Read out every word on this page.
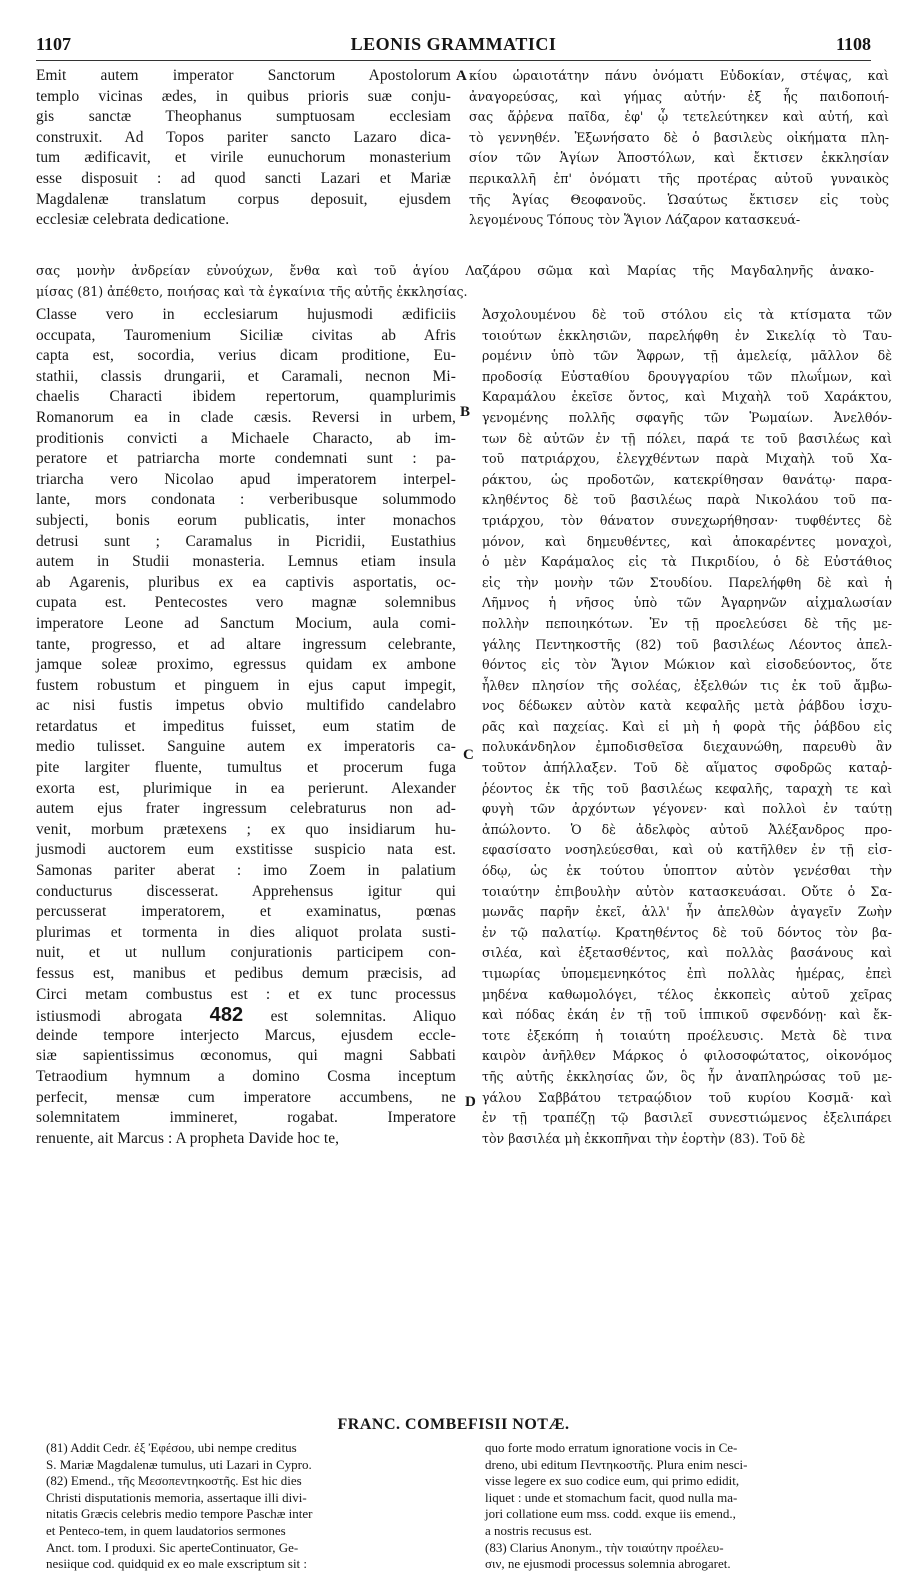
1107	LEONIS GRAMMATICI	1108
Emit autem imperator Sanctorum Apostolorum
templo vicinas ædes, in quibus prioris suæ conju-
gis sanctæ Theophanus sumptuosam ecclesiam
construxit. Ad Topos pariter sancto Lazaro dica-
tum ædificavit, et virile eunuchorum monasterium
esse disposuit : ad quod sancti Lazari et Mariæ
Magdalenæ translatum corpus deposuit, ejusdem
ecclesiæ celebrata dedicatione.
κίου ὡραιοτάτην πάνυ ὀνόματι Εὐδοκίαν, στέψας, καὶ
ἀναγορεύσας, καὶ γήμας αὐτήν· ἐξ ἧς παιδοποιή-
σας ἄῤῥενα παῖδα, ἐφ' ᾧ τετελεύτηκεν καὶ αὐτή, καὶ
τὸ γεννηθέν. Ἐξωνήσατο δὲ ὁ βασιλεὺς οἰκήματα πλη-
σίον τῶν Ἁγίων Ἀποστόλων, καὶ ἔκτισεν ἐκκλησίαν
περικαλλῆ ἐπ' ὀνόματι τῆς προτέρας αὐτοῦ γυναικὸς
τῆς Ἁγίας Θεοφανοῦς. Ὡσαύτως ἔκτισεν εἰς τοὺς
λεγομένους Τόπους τὸν Ἅγιον Λάζαρον κατασκευά-
σας μονὴν ἀνδρείαν εὐνούχων, ἔνθα καὶ τοῦ ἁγίου Λαζάρου σῶμα καὶ Μαρίας τῆς Μαγδαληνῆς ἀνακο-
μίσας (81) ἀπέθετο, ποιήσας καὶ τὰ ἐγκαίνια τῆς αὐτῆς ἐκκλησίας.
Classe vero in ecclesiarum hujusmodi ædificiis
occupata, Tauromenium Siciliæ civitas ab Afris
capta est, socordia, verius dicam proditione, Eu-
stathii, classis drungarii, et Caramali, necnon Mi-
chaelis Characti ibidem repertorum, quamplurimis
Romanorum ea in clade cæsis. Reversi in urbem,
proditionis convicti a Michaele Characto, ab im-
peratore et patriarcha morte condemnati sunt : pa-
triarcha vero Nicolao apud imperatorem interpel-
lante, mors condonata : verberibusque solummodo
subjecti, bonis eorum publicatis, inter monachos
detrusi sunt ; Caramalus in Picridii, Eustathius
autem in Studii monasteria. Lemnus etiam insula
ab Agarenis, pluribus ex ea captivis asportatis, oc-
cupata est. Pentecostes vero magnæ solemnibus
imperatore Leone ad Sanctum Mocium, aula comi-
tante, progresso, et ad altare ingressum celebrante,
jamque soleæ proximo, egressus quidam ex ambone
fustem robustum et pinguem in ejus caput impegit,
ac nisi fustis impetus obvio multifido candelabro
retardatus et impeditus fuisset, eum statim de
medio tulisset. Sanguine autem ex imperatoris ca-
pite largiter fluente, tumultus et procerum fuga
exorta est, plurimique in ea perierunt. Alexander
autem ejus frater ingressum celebraturus non ad-
venit, morbum prætexens ; ex quo insidiarum hu-
jusmodi auctorem eum exstitisse suspicio nata est.
Samonas pariter aberat : imo Zoem in palatium
conducturus discesserat. Apprehensus igitur qui
percusserat imperatorem, et examinatus, pœnas
plurimas et tormenta in dies aliquot prolata susti-
nuit, et ut nullum conjurationis participem con-
fessus est, manibus et pedibus demum præcisis, ad
Circi metam combustus est : et ex tunc processus
istiusmodi abrogata 482 est solemnitas. Aliquo
deinde tempore interjecto Marcus, ejusdem eccle-
siæ sapientissimus œconomus, qui magni Sabbati
Tetraodium hymnum a domino Cosma inceptum
perfecit, mensæ cum imperatore accumbens, ne
solemnitatem immineret, rogabat. Imperatore
renuente, ait Marcus : A propheta Davide hoc te,
Ἀσχολουμένου δὲ τοῦ στόλου εἰς τὰ κτίσματα τῶν
τοιούτων ἐκκλησιῶν, παρελήφθη ἐν Σικελίᾳ τὸ Ταυ-
ρομένιν ὑπὸ τῶν Ἄφρων, τῇ ἀμελείᾳ, μᾶλλον δὲ
προδοσίᾳ Εὐσταθίου δρουγγαρίου τῶν πλωΐμων, καὶ
Καραμάλου ἐκεῖσε ὄντος, καὶ Μιχαὴλ τοῦ Χαράκτου,
γενομένης πολλῆς σφαγῆς τῶν Ῥωμαίων. Ἀνελθόν-
των δὲ αὐτῶν ἐν τῇ πόλει, παρά τε τοῦ βασιλέως καὶ
τοῦ πατριάρχου, ἐλεγχθέντων παρὰ Μιχαὴλ τοῦ Χα-
ράκτου, ὡς προδοτῶν, κατεκρίθησαν θανάτῳ· παρα-
κληθέντος δὲ τοῦ βασιλέως παρὰ Νικολάου τοῦ πα-
τριάρχου, τὸν θάνατον συνεχωρήθησαν· τυφθέντες δὲ
μόνον, καὶ δημευθέντες, καὶ ἀποκαρέντες μοναχοὶ,
ὁ μὲν Καράμαλος εἰς τὰ Πικριδίου, ὁ δὲ Εὐστάθιος
εἰς τὴν μονὴν τῶν Στουδίου. Παρελήφθη δὲ καὶ ἡ
Λῆμνος ἡ νῆσος ὑπὸ τῶν Ἀγαρηνῶν αἰχμαλωσίαν
πολλὴν πεποιηκότων. Ἐν τῇ προελεύσει δὲ τῆς με-
γάλης Πεντηκοστῆς (82) τοῦ βασιλέως Λέοντος ἀπελ-
θόντος εἰς τὸν Ἅγιον Μώκιον καὶ εἰσοδεύοντος, ὅτε
ἦλθεν πλησίον τῆς σολέας, ἐξελθών τις ἐκ τοῦ ἄμβω-
νος δέδωκεν αὐτὸν κατὰ κεφαλῆς μετὰ ῥάβδου ἰσχυ-
ρᾶς καὶ παχείας. Καὶ εἰ μὴ ἡ φορὰ τῆς ῥάβδου εἰς
πολυκάνδηλον ἐμποδισθεῖσα διεχαυνώθη, παρευθὺ ἂν
τοῦτον ἀπήλλαξεν. Τοῦ δὲ αἵματος σφοδρῶς καταῤ-
ῥέοντος ἐκ τῆς τοῦ βασιλέως κεφαλῆς, ταραχὴ τε καὶ
φυγὴ τῶν ἀρχόντων γέγονεν· καὶ πολλοὶ ἐν ταύτῃ
ἀπώλοντο. Ὁ δὲ ἀδελφὸς αὐτοῦ Ἀλέξανδρος προ-
εφασίσατο νοσηλεύεσθαι, καὶ οὐ κατῆλθεν ἐν τῇ εἰσ-
όδῳ, ὡς ἐκ τούτου ὑποπτον αὐτὸν γενέσθαι τὴν
τοιαύτην ἐπιβουλὴν αὐτὸν κατασκευάσαι. Οὔτε ὁ Σα-
μωνᾶς παρῆν ἐκεῖ, ἀλλ' ἦν ἀπελθὼν ἀγαγεῖν Ζωὴν
ἐν τῷ παλατίῳ. Κρατηθέντος δὲ τοῦ δόντος τὸν βα-
σιλέα, καὶ ἐξετασθέντος, καὶ πολλὰς βασάνους καὶ
τιμωρίας ὑπομεμενηκότος ἐπὶ πολλὰς ἡμέρας, ἐπεὶ
μηδένα καθωμολόγει, τέλος ἐκκοπεὶς αὐτοῦ χεῖρας
καὶ πόδας ἐκάη ἐν τῇ τοῦ ἱππικοῦ σφενδόνῃ· καὶ ἔκ-
τοτε ἐξεκόπη ἡ τοιαύτη προέλευσις. Μετὰ δὲ τινα
καιρὸν ἀνῆλθεν Μάρκος ὁ φιλοσοφώτατος, οἰκονόμος
τῆς αὐτῆς ἐκκλησίας ὤν, ὃς ἦν ἀναπληρώσας τοῦ με-
γάλου Σαββάτου τετραῴδιον τοῦ κυρίου Κοσμᾶ· καὶ
ἐν τῇ τραπέζῃ τῷ βασιλεῖ συνεστιώμενος ἐξελιπάρει
τὸν βασιλέα μὴ ἐκκοπῆναι τὴν ἑορτὴν (83). Τοῦ δὲ
A
B
C
D
FRANC. COMBEFISII NOTÆ.
(81) Addit Cedr. ἐξ Ἐφέσου, ubi nempe creditus
S. Mariæ Magdalenæ tumulus, uti Lazari in Cypro.
(82) Emend., τῆς Μεσοπεντηκοστῆς. Est hic dies
Christi disputationis memoria, assertaque illi divi-
nitatis Græcis celebris medio tempore Paschæ inter
et Penteco-tem, in quem laudatorios sermones
Anct. tom. I produxi. Sic aperteContinuator, Ge-
nesiique cod. quidquid ex eo male exscriptum sit :
quo forte modo erratum ignoratione vocis in Ce-
dreno, ubi editum Πεντηκοστῆς. Plura enim nesci-
visse legere ex suo codice eum, qui primo edidit,
liquet : unde et stomachum facit, quod nulla ma-
jori collatione eum mss. codd. exque iis emend.,
a nostris recusus est.
(83) Clarius Anonym., τὴν τοιαύτην προέλευ-
σιν, ne ejusmodi processus solemnia abrogaret.
